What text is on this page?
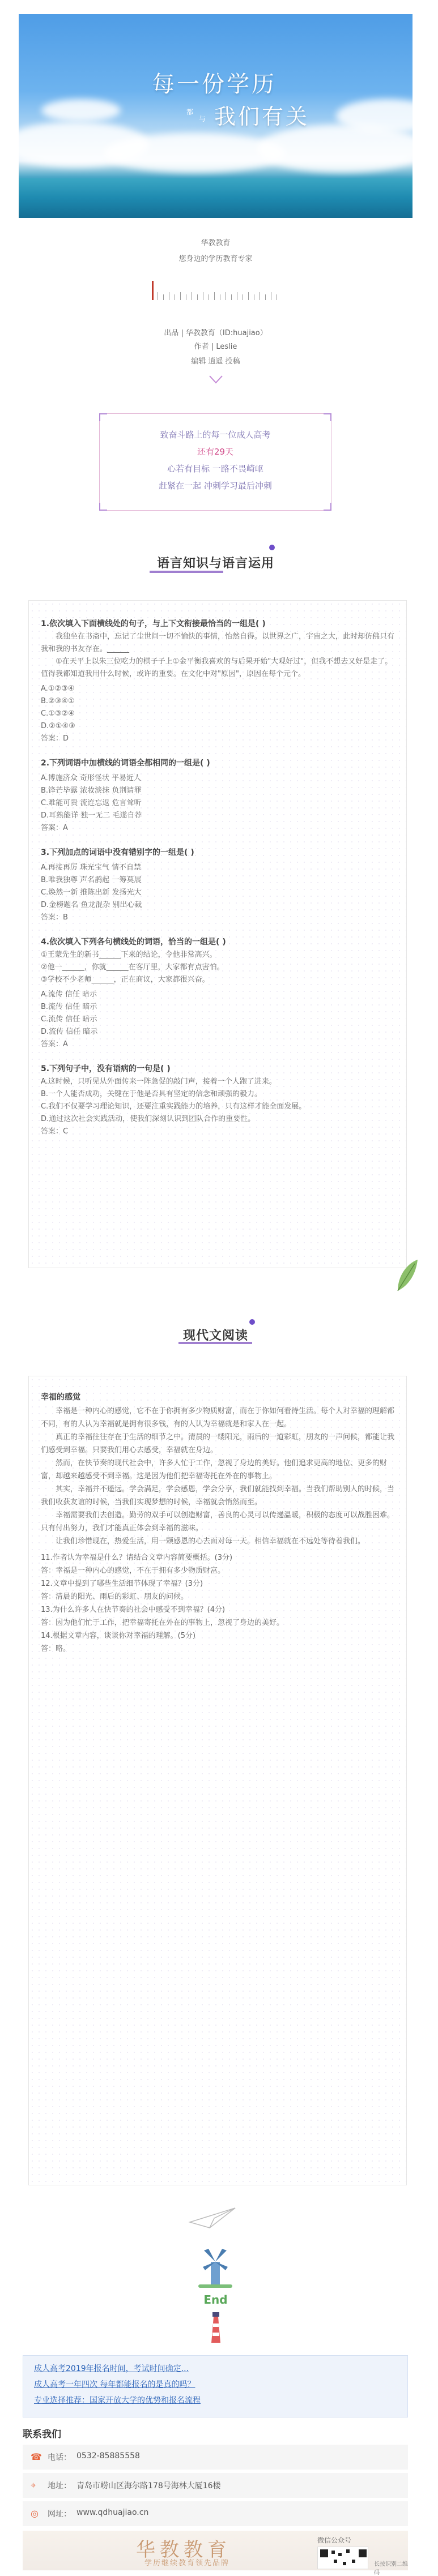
每一份学历
都
与 我们有关
华教教育
您身边的学历教育专家
出品 | 华教教育（ID:huajiao）
作者 | Leslie
编辑 逍遥 投稿
致奋斗路上的每一位成人高考
还有29天
心若有目标 一路不畏崎岖
赶紧在一起 冲刺学习最后冲刺
语言知识与语言运用
1.依次填入下面横线处的句子，与上下文衔接最恰当的一组是( )
　　我独坐在书斋中，忘记了尘世间一切不愉快的事情，怡然自得。以世界之广，宇宙之大，此时却仿佛只有我和我的书友存在。______
　　①在天平上以朱三位吃力的棋子子上①金平衡我喜欢的与后果开始"大观好过"，但我不想去又好是走了。值得我都知道我用什么时候，或许的重要。在文化中对"原因"，原因在每个元个。
A.①②③④
B.②③④①
C.①③②④
D.②①④③
答案：D
2.下列词语中加横线的词语全都相同的一组是( )
A.博施济众 奇形怪状 平易近人
B.锋芒毕露 浓妆淡抹 负荆请罪
C.难能可贵 流连忘返 危言耸听
D.耳熟能详 独一无二 毛遂自荐
答案：A
3.下列加点的词语中没有错别字的一组是( )
A.再接再厉 珠光宝气 情不自禁
B.唯我独尊 声名鹊起 一筹莫展
C.焕然一新 推陈出新 发扬光大
D.金榜题名 鱼龙混杂 别出心裁
答案：B
4.依次填入下列各句横线处的词语，恰当的一组是( )
①王蒙先生的新书______下来的结论，令他非常高兴。
②他一______，你就______在客厅里，大家都有点害怕。
③学校不少老师______，正在商议，大家都很兴奋。
A.流传 信任 暗示
B.流传 信任 暗示
C.流传 信任 暗示
D.流传 信任 暗示
答案：A
5.下列句子中，没有语病的一句是( )
A.这时候，只听见从外面传来一阵急促的敲门声，接着一个人跑了进来。
B.一个人能否成功，关键在于他是否具有坚定的信念和顽强的毅力。
C.我们不仅要学习理论知识，还要注重实践能力的培养，只有这样才能全面发展。
D.通过这次社会实践活动，使我们深刻认识到团队合作的重要性。
答案：C
现代文阅读
幸福的感觉
　　幸福是一种内心的感觉，它不在于你拥有多少物质财富，而在于你如何看待生活。每个人对幸福的理解都不同，有的人认为幸福就是拥有很多钱，有的人认为幸福就是和家人在一起。
　　真正的幸福往往存在于生活的细节之中。清晨的一缕阳光，雨后的一道彩虹，朋友的一声问候，都能让我们感受到幸福。只要我们用心去感受，幸福就在身边。
　　然而，在快节奏的现代社会中，许多人忙于工作，忽视了身边的美好。他们追求更高的地位、更多的财富，却越来越感受不到幸福。这是因为他们把幸福寄托在外在的事物上。
　　其实，幸福并不遥远。学会满足，学会感恩，学会分享，我们就能找到幸福。当我们帮助别人的时候，当我们收获友谊的时候，当我们实现梦想的时候，幸福就会悄然而至。
　　幸福需要我们去创造。勤劳的双手可以创造财富，善良的心灵可以传递温暖，积极的态度可以战胜困难。只有付出努力，我们才能真正体会到幸福的滋味。
　　让我们珍惜现在，热爱生活，用一颗感恩的心去面对每一天。相信幸福就在不远处等待着我们。
11.作者认为幸福是什么？请结合文章内容简要概括。(3分)
答：幸福是一种内心的感觉，不在于拥有多少物质财富。
12.文章中提到了哪些生活细节体现了幸福？(3分)
答：清晨的阳光、雨后的彩虹、朋友的问候。
13.为什么许多人在快节奏的社会中感受不到幸福？(4分)
答：因为他们忙于工作，把幸福寄托在外在的事物上，忽视了身边的美好。
14.根据文章内容，谈谈你对幸福的理解。(5分)
答：略。
End
成人高考2019年报名时间，考试时间确定...
成人高考一年四次 每年都能报名的是真的吗？
专业选择推荐：国家开放大学的优势和报名流程
联系我们
☎ 电话： 0532-85885558
⌖ 地址： 青岛市崂山区海尔路178号海林大厦16楼
◎ 网址： www.qdhuajiao.cn
华教教育
学历继续教育领先品牌
微信公众号
长按识别二维码
